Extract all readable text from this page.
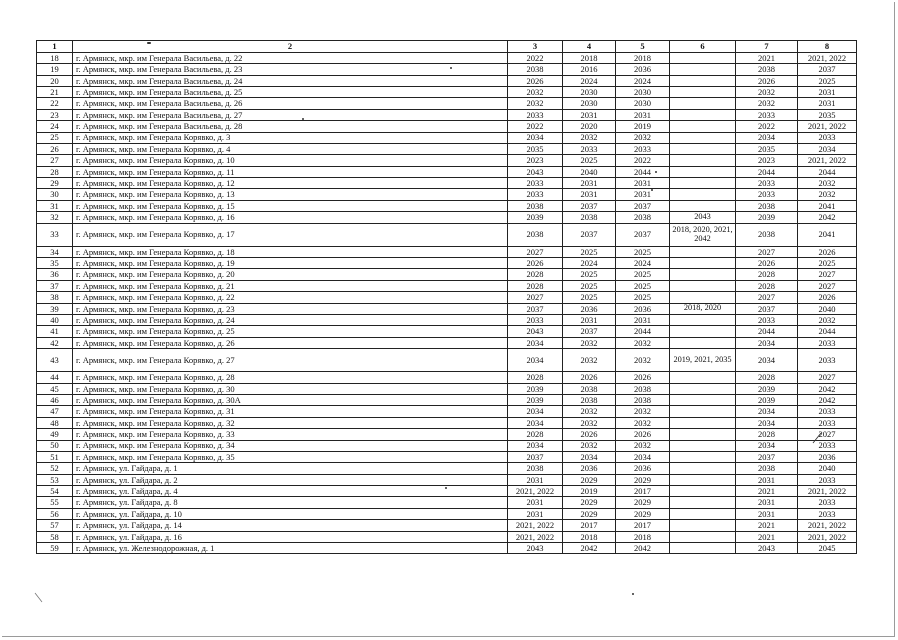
1	2	3	4	5	6	7	8
18	г. Армянск, мкр. им Генерала Васильева, д. 22	2022	2018	2018		2021	2021, 2022
19	г. Армянск, мкр. им Генерала Васильева, д. 23	2038	2016	2036		2038	2037
20	г. Армянск, мкр. им Генерала Васильева, д. 24	2026	2024	2024		2026	2025
21	г. Армянск, мкр. им Генерала Васильева, д. 25	2032	2030	2030		2032	2031
22	г. Армянск, мкр. им Генерала Васильева, д. 26	2032	2030	2030		2032	2031
23	г. Армянск, мкр. им Генерала Васильева, д. 27	2033	2031	2031		2033	2035
24	г. Армянск, мкр. им Генерала Васильева, д. 28	2022	2020	2019		2022	2021, 2022
25	г. Армянск, мкр. им Генерала Корявко, д. 3	2034	2032	2032		2034	2033
26	г. Армянск, мкр. им Генерала Корявко, д. 4	2035	2033	2033		2035	2034
27	г. Армянск, мкр. им Генерала Корявко, д. 10	2023	2025	2022		2023	2021, 2022
28	г. Армянск, мкр. им Генерала Корявко, д. 11	2043	2040	2044		2044	2044
29	г. Армянск, мкр. им Генерала Корявко, д. 12	2033	2031	2031		2033	2032
30	г. Армянск, мкр. им Генерала Корявко, д. 13	2033	2031	2031		2033	2032
31	г. Армянск, мкр. им Генерала Корявко, д. 15	2038	2037	2037		2038	2041
32	г. Армянск, мкр. им Генерала Корявко, д. 16	2039	2038	2038	2043	2039	2042
33	г. Армянск, мкр. им Генерала Корявко, д. 17	2038	2037	2037	2018, 2020, 2021, 2042	2038	2041
34	г. Армянск, мкр. им Генерала Корявко, д. 18	2027	2025	2025		2027	2026
35	г. Армянск, мкр. им Генерала Корявко, д. 19	2026	2024	2024		2026	2025
36	г. Армянск, мкр. им Генерала Корявко, д. 20	2028	2025	2025		2028	2027
37	г. Армянск, мкр. им Генерала Корявко, д. 21	2028	2025	2025		2028	2027
38	г. Армянск, мкр. им Генерала Корявко, д. 22	2027	2025	2025		2027	2026
39	г. Армянск, мкр. им Генерала Корявко, д. 23	2037	2036	2036	2018, 2020	2037	2040
40	г. Армянск, мкр. им Генерала Корявко, д. 24	2033	2031	2031		2033	2032
41	г. Армянск, мкр. им Генерала Корявко, д. 25	2043	2037	2044		2044	2044
42	г. Армянск, мкр. им Генерала Корявко, д. 26	2034	2032	2032		2034	2033
43	г. Армянск, мкр. им Генерала Корявко, д. 27	2034	2032	2032	2019, 2021, 2035	2034	2033
44	г. Армянск, мкр. им Генерала Корявко, д. 28	2028	2026	2026		2028	2027
45	г. Армянск, мкр. им Генерала Корявко, д. 30	2039	2038	2038		2039	2042
46	г. Армянск, мкр. им Генерала Корявко, д. 30А	2039	2038	2038		2039	2042
47	г. Армянск, мкр. им Генерала Корявко, д. 31	2034	2032	2032		2034	2033
48	г. Армянск, мкр. им Генерала Корявко, д. 32	2034	2032	2032		2034	2033
49	г. Армянск, мкр. им Генерала Корявко, д. 33	2028	2026	2026		2028	2027
50	г. Армянск, мкр. им Генерала Корявко, д. 34	2034	2032	2032		2034	2033
51	г. Армянск, мкр. им Генерала Корявко, д. 35	2037	2034	2034		2037	2036
52	г. Армянск, ул. Гайдара, д. 1	2038	2036	2036		2038	2040
53	г. Армянск, ул. Гайдара, д. 2	2031	2029	2029		2031	2033
54	г. Армянск, ул. Гайдара, д. 4	2021, 2022	2019	2017		2021	2021, 2022
55	г. Армянск, ул. Гайдара, д. 8	2031	2029	2029		2031	2033
56	г. Армянск, ул. Гайдара, д. 10	2031	2029	2029		2031	2033
57	г. Армянск, ул. Гайдара, д. 14	2021, 2022	2017	2017		2021	2021, 2022
58	г. Армянск, ул. Гайдара, д. 16	2021, 2022	2018	2018		2021	2021, 2022
59	г. Армянск, ул. Железнодорожная, д. 1	2043	2042	2042		2043	2045
